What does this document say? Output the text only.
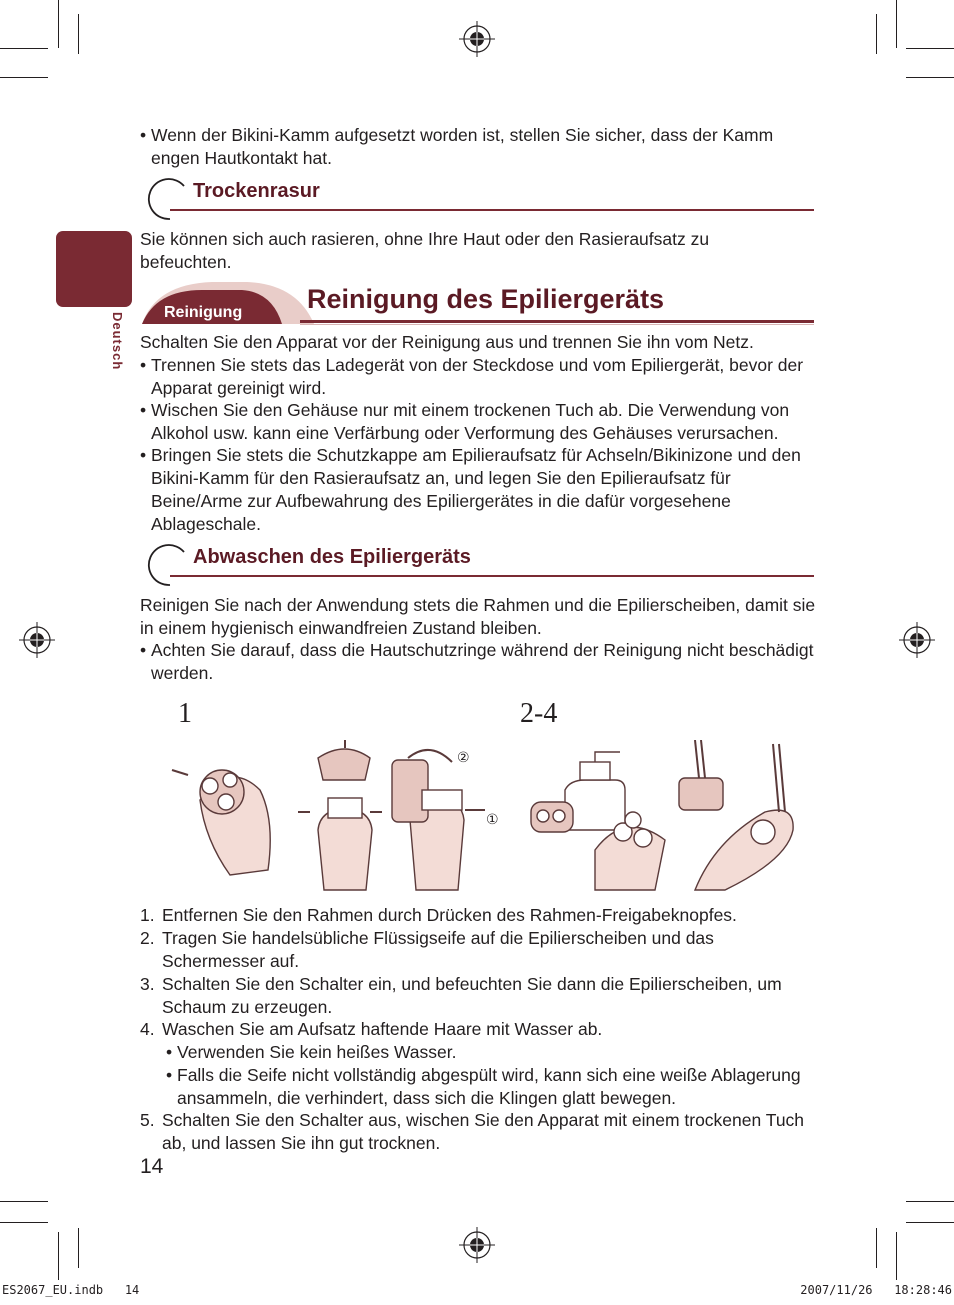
Deutsch
• Wenn der Bikini-Kamm aufgesetzt worden ist, stellen Sie sicher, dass der Kamm engen Hautkontakt hat.
Trockenrasur
Sie können sich auch rasieren, ohne Ihre Haut oder den Rasieraufsatz zu befeuchten.
Reinigung Reinigung des Epiliergeräts
Schalten Sie den Apparat vor der Reinigung aus und trennen Sie ihn vom Netz.
• Trennen Sie stets das Ladegerät von der Steckdose und vom Epiliergerät, bevor der Apparat gereinigt wird.
• Wischen Sie den Gehäuse nur mit einem trockenen Tuch ab. Die Verwendung von Alkohol usw. kann eine Verfärbung oder Verformung des Gehäuses verursachen.
• Bringen Sie stets die Schutzkappe am Epilieraufsatz für Achseln/Bikinizone und den Bikini-Kamm für den Rasieraufsatz an, und legen Sie den Epilieraufsatz für Beine/Arme zur Aufbewahrung des Epiliergerätes in die dafür vorgesehene Ablageschale.
Abwaschen des Epiliergeräts
Reinigen Sie nach der Anwendung stets die Rahmen und die Epilierscheiben, damit sie in einem hygienisch einwandfreien Zustand bleiben.
• Achten Sie darauf, dass die Hautschutzringe während der Reinigung nicht beschädigt werden.
1	2-4
②
①
1. Entfernen Sie den Rahmen durch Drücken des Rahmen-Freigabeknopfes.
2. Tragen Sie handelsübliche Flüssigseife auf die Epilierscheiben und das Schermesser auf.
3. Schalten Sie den Schalter ein, und befeuchten Sie dann die Epilierscheiben, um Schaum zu erzeugen.
4. Waschen Sie am Aufsatz haftende Haare mit Wasser ab.
• Verwenden Sie kein heißes Wasser.
• Falls die Seife nicht vollständig abgespült wird, kann sich eine weiße Ablagerung ansammeln, die verhindert, dass sich die Klingen glatt bewegen.
5. Schalten Sie den Schalter aus, wischen Sie den Apparat mit einem trockenen Tuch ab, und lassen Sie ihn gut trocknen.
14
ES2067_EU.indb   14	2007/11/26   18:28:46
